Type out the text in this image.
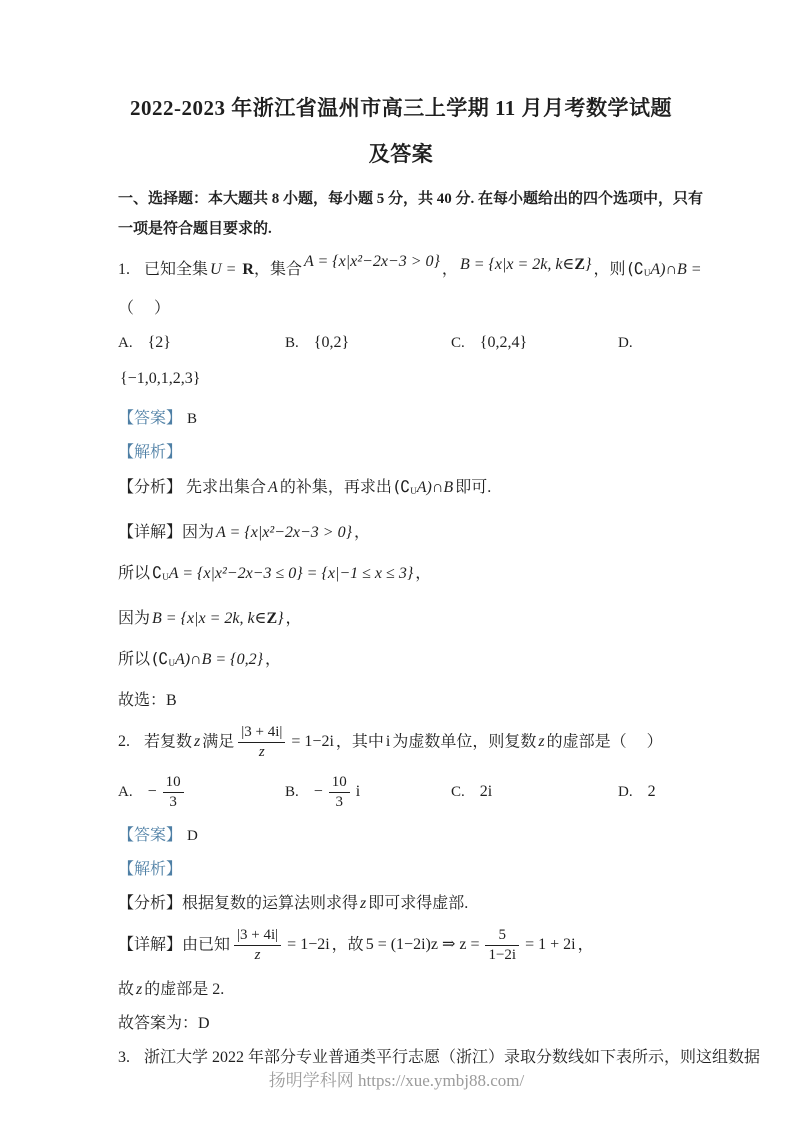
2022-2023 年浙江省温州市高三上学期 11 月月考数学试题

及答案

一、选择题：本大题共 8 小题，每小题 5 分，共 40 分. 在每小题给出的四个选项中，只有

一项是符合题目要求的.

1. 已知全集 U = R，集合 A = {x|x²−2x−3 > 0} ， B = {x|x = 2k, k∈Z} ，则 $(∁_UA)\cap B$ =

（     ）

A. {2}	B. {0,2}	C. {0,2,4}	D.

{−1,0,1,2,3}

【答案】 B

【解析】

【分析】 先求出集合 A 的补集，再求出 $(∁_UA)\cap B$ 即可.

【详解】因为 A = {x|x²−2x−3 > 0} ，

所以 $∁_UA = \{x|x^2-2x-3 \le 0\} = \{x|-1 \le x \le 3\}$ ，

因为 B = {x|x = 2k, k∈Z} ，

所以 $(∁_UA)\cap B = \{0,2\}$ ，

故选：B

2. 若复数 z 满足 $\frac{|3 + 4i|}{z} = 1-2i$ ，其中 i 为虚数单位，则复数 z 的虚部是（     ）

A. − $\frac{10}{3}$	B. − $\frac{10}{3}$ i	C. 2i	D. 2

【答案】 D

【解析】

【分析】根据复数的运算法则求得 z 即可求得虚部.

【详解】由已知 $\frac{|3 + 4i|}{z} = 1-2i$ ，故 5 = (1−2i)z ⇒ $z = \frac{5}{1-2i} = 1 + 2i$ ，

故 z 的虚部是 2.

故答案为：D

3. 浙江大学 2022 年部分专业普通类平行志愿（浙江）录取分数线如下表所示，则这组数据

扬明学科网 https://xue.ymbj88.com/
